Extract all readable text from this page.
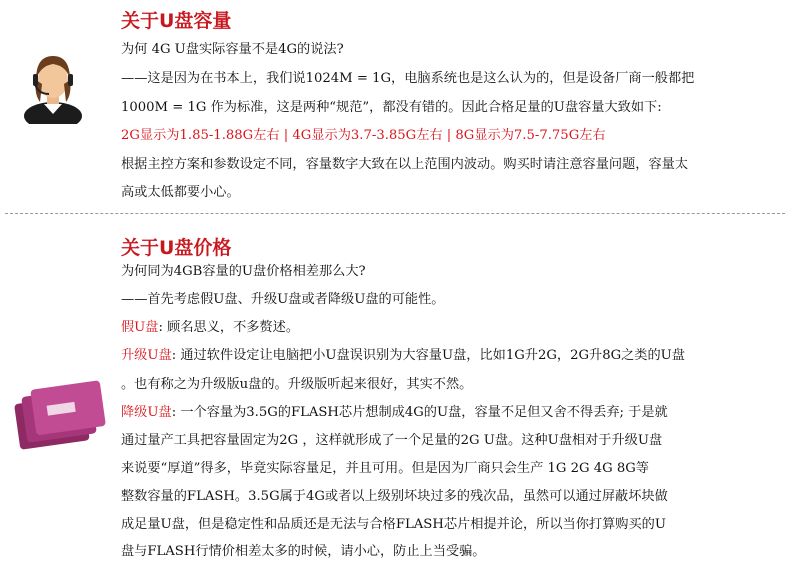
关于U盘容量
为何 4G U盘实际容量不是4G的说法?
——这是因为在书本上，我们说1024M = 1G，电脑系统也是这么认为的，但是设备厂商一般都把
1000M = 1G 作为标准，这是两种“规范”，都没有错的。因此合格足量的U盘容量大致如下:
2G显示为1.85-1.88G左右 | 4G显示为3.7-3.85G左右 | 8G显示为7.5-7.75G左右
根据主控方案和参数设定不同，容量数字大致在以上范围内波动。购买时请注意容量问题，容量太
高或太低都要小心。
关于U盘价格
为何同为4GB容量的U盘价格相差那么大?
——首先考虑假U盘、升级U盘或者降级U盘的可能性。
假U盘: 顾名思义，不多赘述。
升级U盘: 通过软件设定让电脑把小U盘误识别为大容量U盘，比如1G升2G，2G升8G之类的U盘
。也有称之为升级版u盘的。升级版听起来很好，其实不然。
降级U盘: 一个容量为3.5G的FLASH芯片想制成4G的U盘，容量不足但又舍不得丢弃; 于是就
通过量产工具把容量固定为2G ，这样就形成了一个足量的2G U盘。这种U盘相对于升级U盘
来说要“厚道”得多，毕竟实际容量足，并且可用。但是因为厂商只会生产 1G 2G 4G 8G等
整数容量的FLASH。3.5G属于4G或者以上级别坏块过多的残次品，虽然可以通过屏蔽坏块做
成足量U盘，但是稳定性和品质还是无法与合格FLASH芯片相提并论，所以当你打算购买的U
盘与FLASH行情价相差太多的时候，请小心，防止上当受骗。
